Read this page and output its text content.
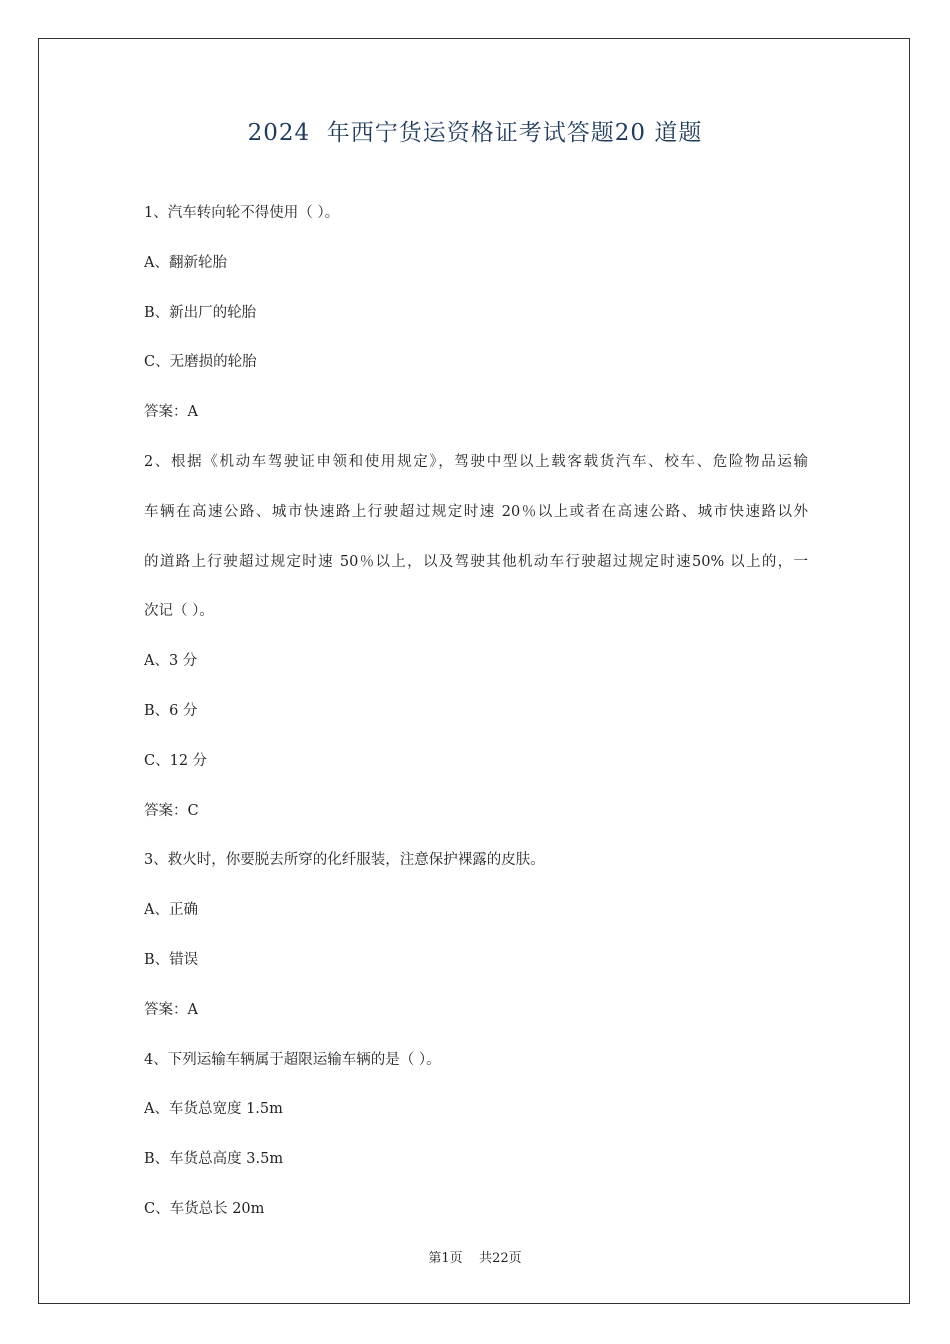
2024  年西宁货运资格证考试答题20 道题
1、汽车转向轮不得使用（ ）。
A、翻新轮胎
B、新出厂的轮胎
C、无磨损的轮胎
答案：A
2、根据《机动车驾驶证申领和使用规定》，驾驶中型以上载客载货汽车、校车、危险物品运输
车辆在高速公路、城市快速路上行驶超过规定时速 20％以上或者在高速公路、城市快速路以外
的道路上行驶超过规定时速 50％以上，以及驾驶其他机动车行驶超过规定时速50% 以上的，一
次记（ ）。
A、3 分
B、6 分
C、12 分
答案：C
3、救火时，你要脱去所穿的化纤服装，注意保护裸露的皮肤。
A、正确
B、错误
答案：A
4、下列运输车辆属于超限运输车辆的是（ ）。
A、车货总宽度 1.5m
B、车货总高度 3.5m
C、车货总长 20m
第1页    共22页
